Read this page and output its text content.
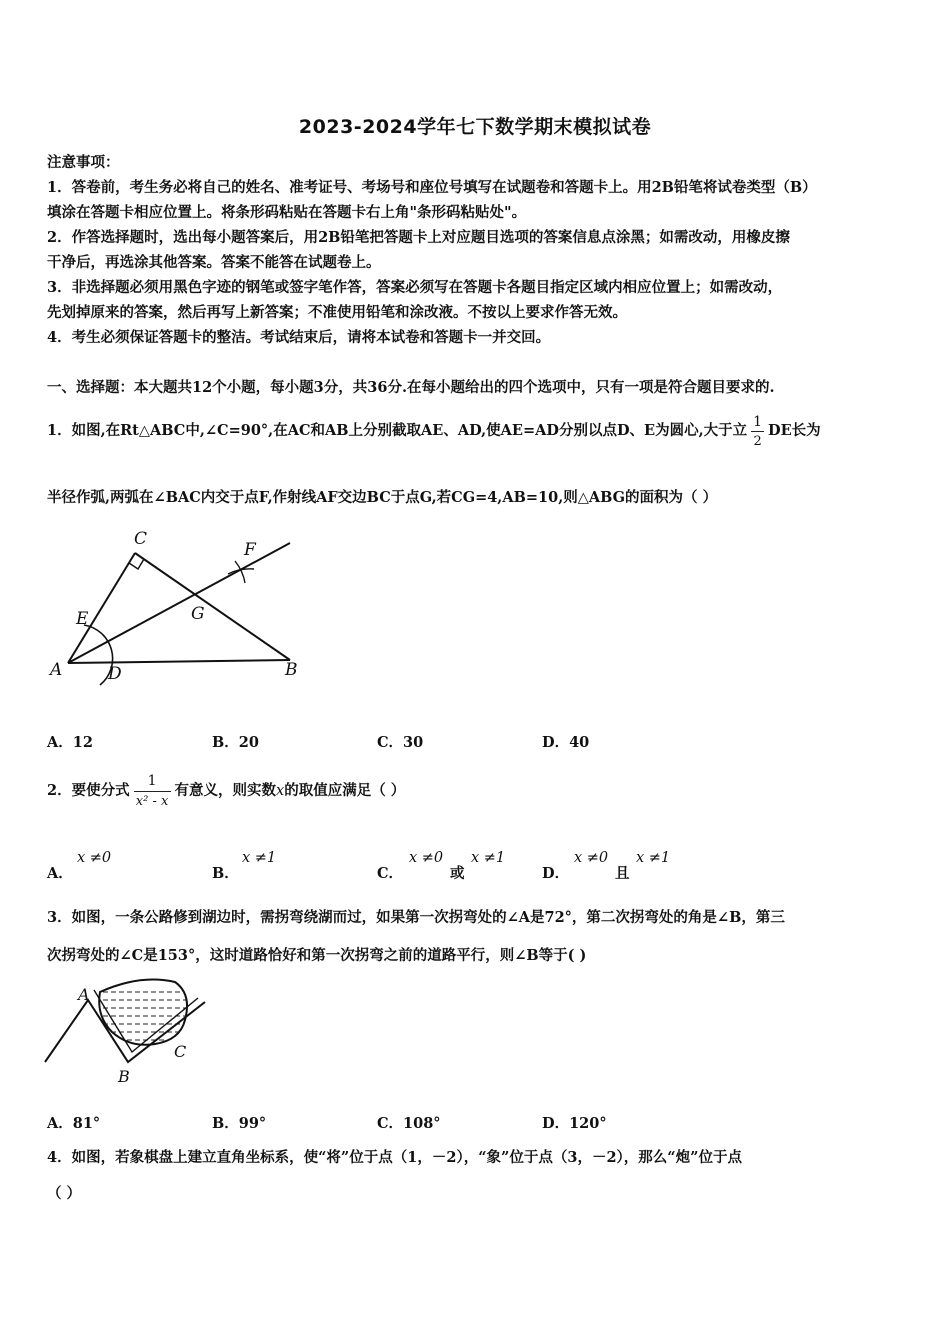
2023-2024学年七下数学期末模拟试卷
注意事项：
1．答卷前，考生务必将自己的姓名、准考证号、考场号和座位号填写在试题卷和答题卡上。用2B铅笔将试卷类型（B）
填涂在答题卡相应位置上。将条形码粘贴在答题卡右上角"条形码粘贴处"。
2．作答选择题时，选出每小题答案后，用2B铅笔把答题卡上对应题目选项的答案信息点涂黑；如需改动，用橡皮擦
干净后，再选涂其他答案。答案不能答在试题卷上。
3．非选择题必须用黑色字迹的钢笔或签字笔作答，答案必须写在答题卡各题目指定区域内相应位置上；如需改动，
先划掉原来的答案，然后再写上新答案；不准使用铅笔和涂改液。不按以上要求作答无效。
4．考生必须保证答题卡的整洁。考试结束后，请将本试卷和答题卡一并交回。
一、选择题：本大题共12个小题，每小题3分，共36分.在每小题给出的四个选项中，只有一项是符合题目要求的.
1．如图,在Rt△ABC中,∠C=90°,在AC和AB上分别截取AE、AD,使AE=AD分别以点D、E为圆心,大于立 $\frac{1}{2}$ DE长为
半径作弧,两弧在∠BAC内交于点F,作射线AF交边BC于点G,若CG=4,AB=10,则△ABG的面积为（ ）
C
F
E	G
A	D	B
A．12	B．20	C．30	D．40
2．要使分式 $\frac{1}{\text{x² - x}}$ 有意义，则实数 x 的取值应满足（ ）
A．
x ≠0
B．
x ≠1
C．
x ≠0
或
x ≠1
D．
x ≠0
且
x ≠1
3．如图，一条公路修到湖边时，需拐弯绕湖而过，如果第一次拐弯处的∠A是72°，第二次拐弯处的角是∠B，第三
次拐弯处的∠C是153°，这时道路恰好和第一次拐弯之前的道路平行，则∠B等于( )
A
B
C
A．81°	B．99°	C．108°	D．120°
4．如图，若象棋盘上建立直角坐标系，使“将”位于点（1，－2），“象”位于点（3，－2），那么“炮”位于点
（ ）
